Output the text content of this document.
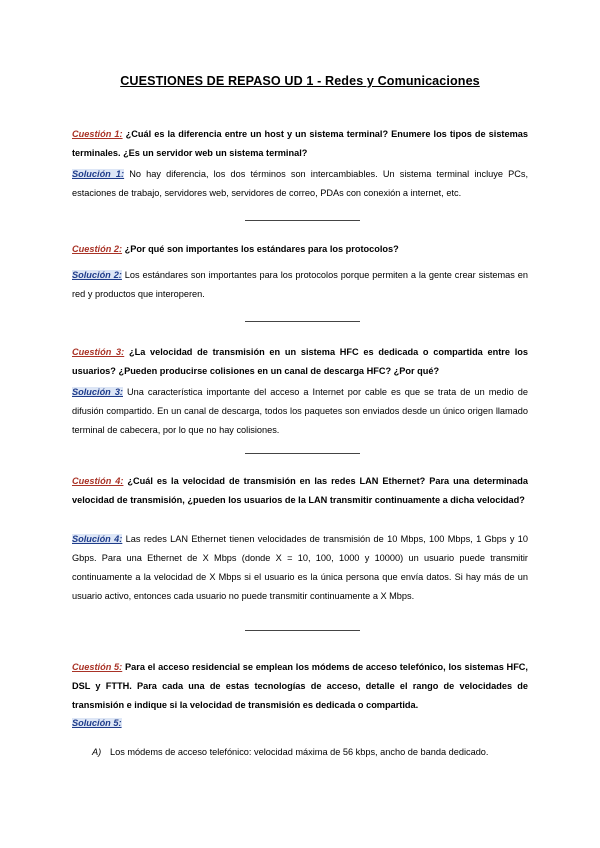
CUESTIONES DE REPASO UD 1 - Redes y Comunicaciones
Cuestión 1: ¿Cuál es la diferencia entre un host y un sistema terminal? Enumere los tipos de sistemas terminales. ¿Es un servidor web un sistema terminal?
Solución 1: No hay diferencia, los dos términos son intercambiables. Un sistema terminal incluye PCs, estaciones de trabajo, servidores web, servidores de correo, PDAs con conexión a internet, etc.
Cuestión 2: ¿Por qué son importantes los estándares para los protocolos?
Solución 2: Los estándares son importantes para los protocolos porque permiten a la gente crear sistemas en red y productos que interoperen.
Cuestión 3: ¿La velocidad de transmisión en un sistema HFC es dedicada o compartida entre los usuarios? ¿Pueden producirse colisiones en un canal de descarga HFC? ¿Por qué?
Solución 3: Una característica importante del acceso a Internet por cable es que se trata de un medio de difusión compartido. En un canal de descarga, todos los paquetes son enviados desde un único origen llamado terminal de cabecera, por lo que no hay colisiones.
Cuestión 4: ¿Cuál es la velocidad de transmisión en las redes LAN Ethernet? Para una determinada velocidad de transmisión, ¿pueden los usuarios de la LAN transmitir continuamente a dicha velocidad?
Solución 4: Las redes LAN Ethernet tienen velocidades de transmisión de 10 Mbps, 100 Mbps, 1 Gbps y 10 Gbps. Para una Ethernet de X Mbps (donde X = 10, 100, 1000 y 10000) un usuario puede transmitir continuamente a la velocidad de X Mbps si el usuario es la única persona que envía datos. Si hay más de un usuario activo, entonces cada usuario no puede transmitir continuamente a X Mbps.
Cuestión 5: Para el acceso residencial se emplean los módems de acceso telefónico, los sistemas HFC, DSL y FTTH. Para cada una de estas tecnologías de acceso, detalle el rango de velocidades de transmisión e indique si la velocidad de transmisión es dedicada o compartida.
Solución 5:
A) Los módems de acceso telefónico: velocidad máxima de 56 kbps, ancho de banda dedicado.
